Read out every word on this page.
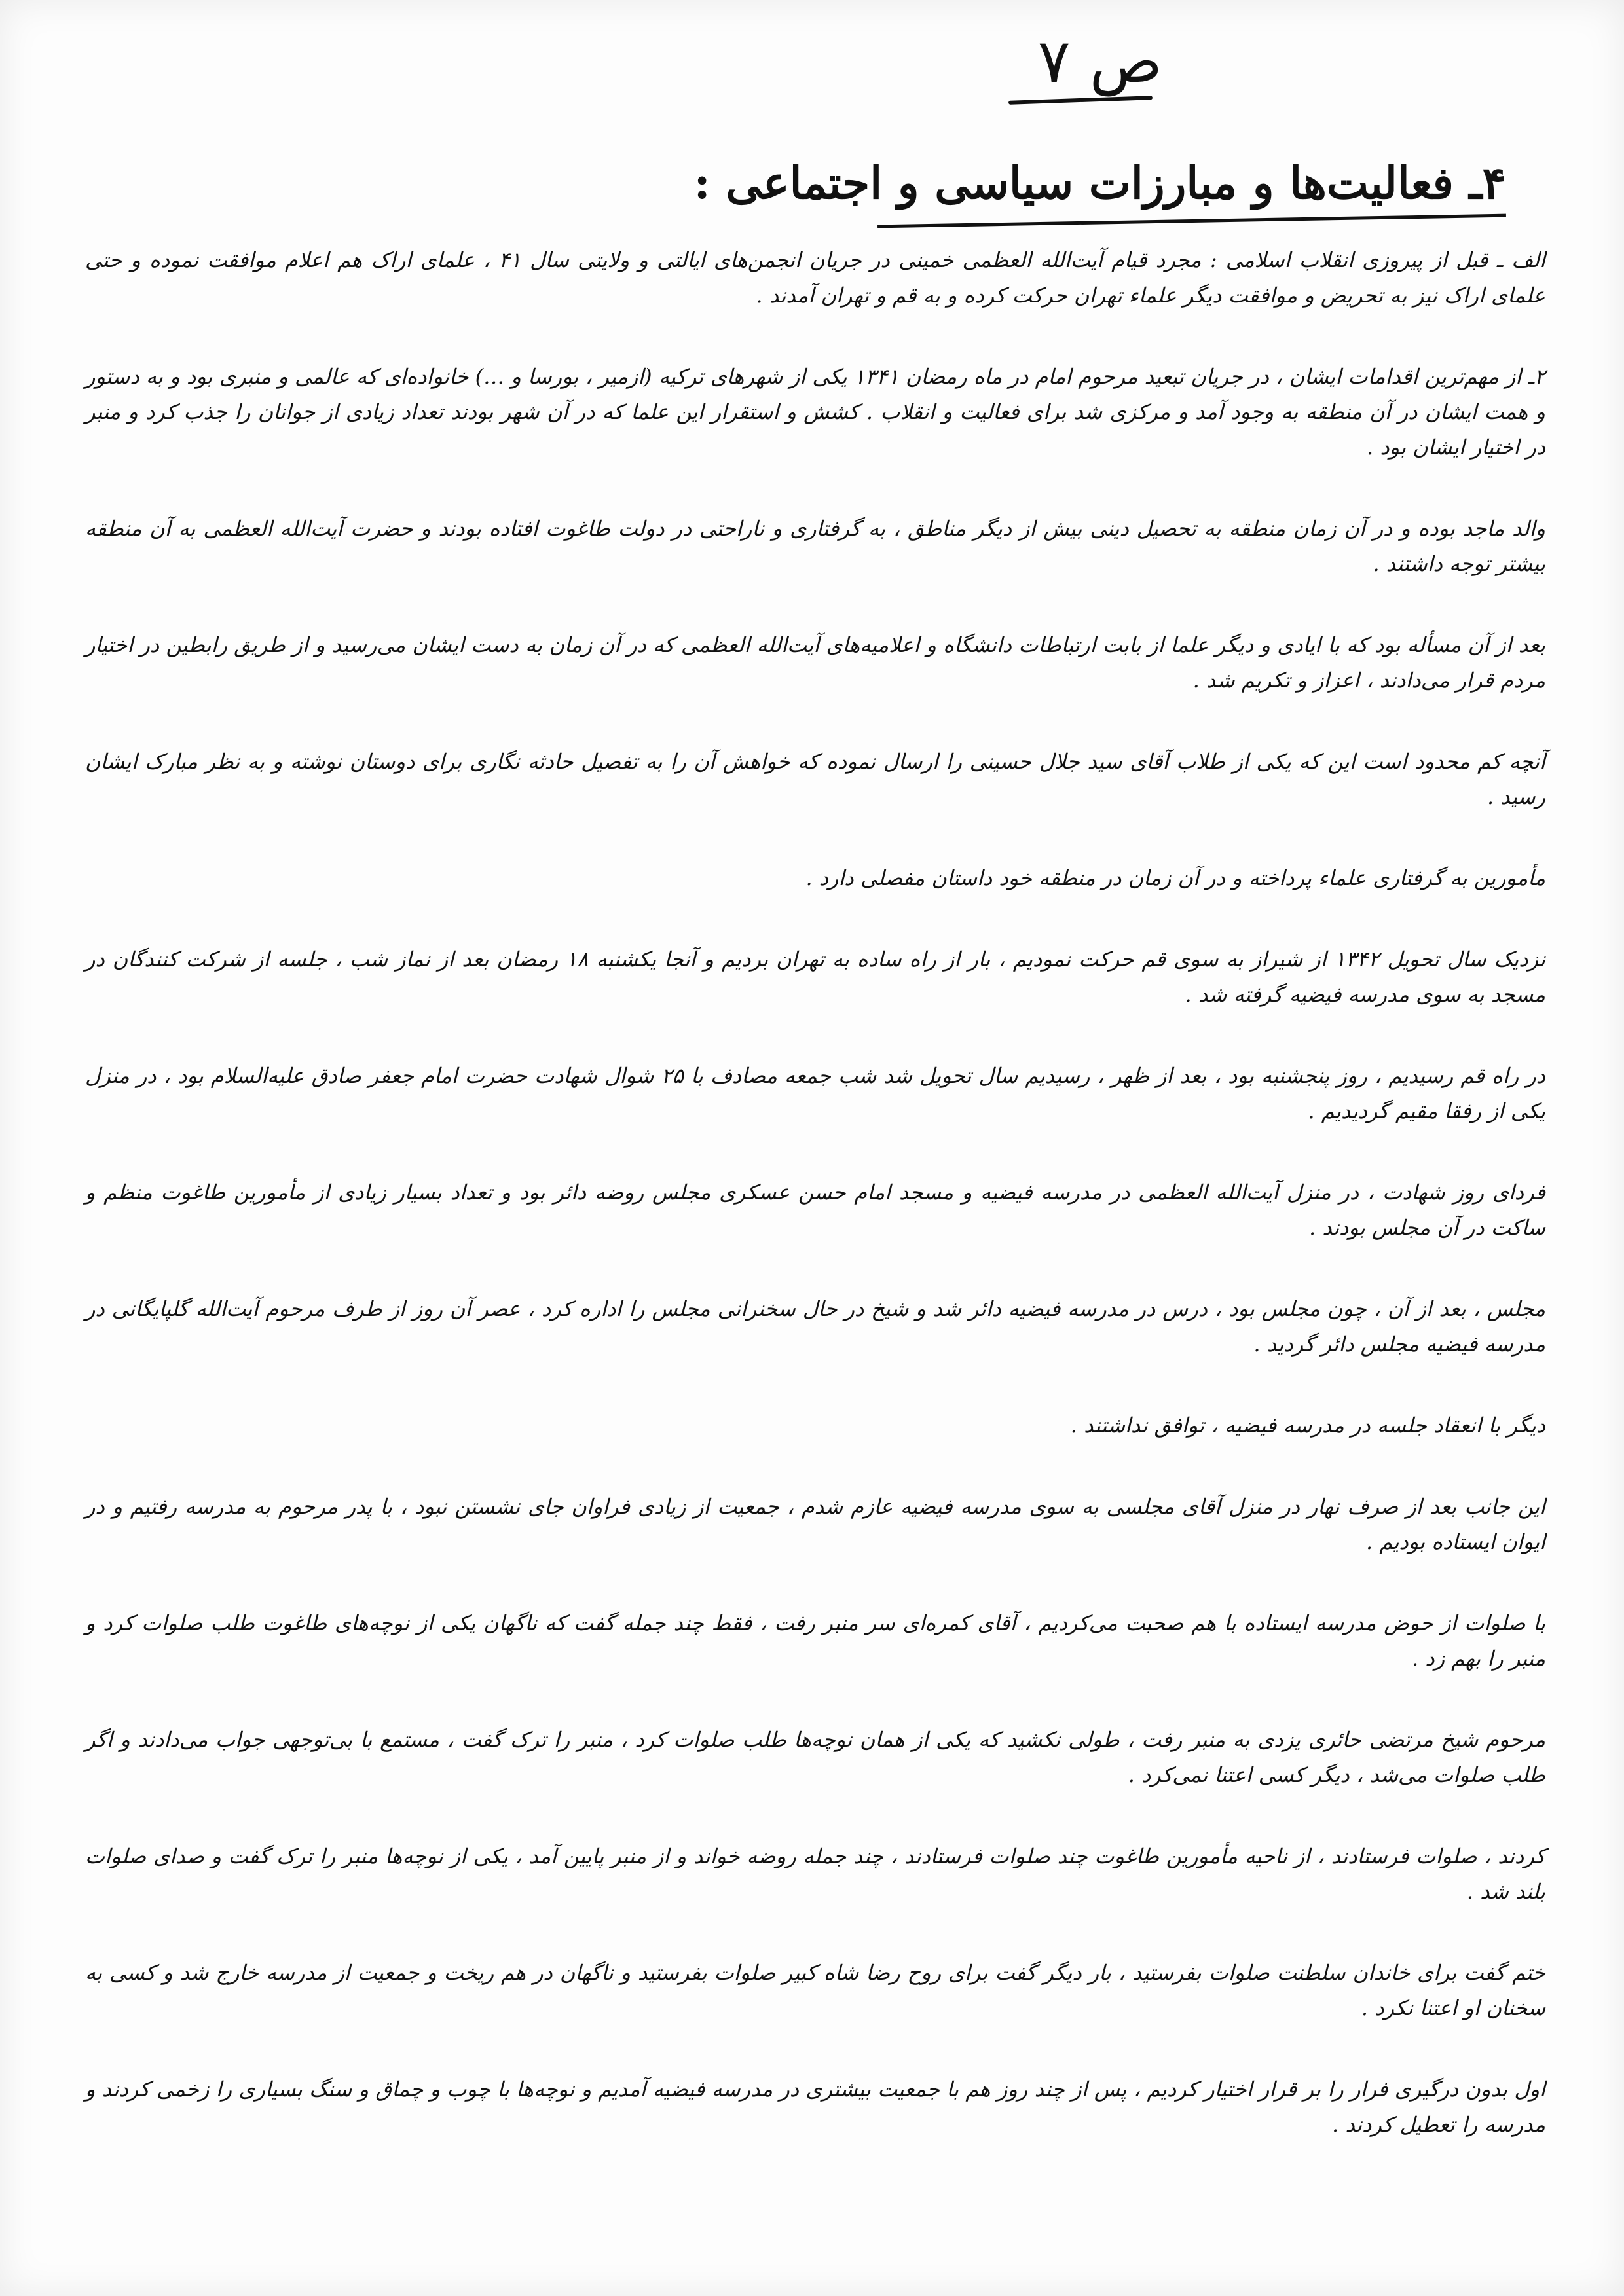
ص ۷
۴ـ فعالیت‌ها و مبارزات سیاسی و اجتماعی :

الف ـ قبل از پیروزی انقلاب اسلامی : مجرد قیام آیت‌الله العظمی خمینی در جریان انجمن‌های ایالتی و ولایتی سال ۴۱ ، علمای اراک هم اعلام موافقت نموده و حتی علمای اراک نیز به تحریض و موافقت دیگر علماء تهران حرکت کرده و به قم و تهران آمدند .

۲ـ از مهم‌ترین اقدامات ایشان ، در جریان تبعید مرحوم امام در ماه رمضان ۱۳۴۱ یکی از شهرهای ترکیه (ازمیر ، بورسا و …) خانواده‌ای که عالمی و منبری بود و به دستور و همت ایشان در آن منطقه به وجود آمد و مرکزی شد برای فعالیت و انقلاب . کشش و استقرار این علما که در آن شهر بودند تعداد زیادی از جوانان را جذب کرد و منبر در اختیار ایشان بود .

والد ماجد بوده و در آن زمان منطقه به تحصیل دینی بیش از دیگر مناطق ، به گرفتاری و ناراحتی در دولت طاغوت افتاده بودند و حضرت آیت‌الله العظمی به آن منطقه بیشتر توجه داشتند .

بعد از آن مسأله بود که با ایادی و دیگر علما از بابت ارتباطات دانشگاه و اعلامیه‌های آیت‌الله العظمی که در آن زمان به دست ایشان می‌رسید و از طریق رابطین در اختیار مردم قرار می‌دادند ، اعزاز و تکریم شد .

آنچه کم محدود است این که یکی از طلاب آقای سید جلال حسینی را ارسال نموده که خواهش آن را به تفصیل حادثه نگاری برای دوستان نوشته و به نظر مبارک ایشان رسید .

مأمورین به گرفتاری علماء پرداخته و در آن زمان در منطقه خود داستان مفصلی دارد .

نزدیک سال تحویل ۱۳۴۲ از شیراز به سوی قم حرکت نمودیم ، بار از راه ساده به تهران بردیم و آنجا یکشنبه ۱۸ رمضان بعد از نماز شب ، جلسه از شرکت کنندگان در مسجد به سوی مدرسه فیضیه گرفته شد .

در راه قم رسیدیم ، روز پنجشنبه بود ، بعد از ظهر ، رسیدیم سال تحویل شد شب جمعه مصادف با ۲۵ شوال شهادت حضرت امام جعفر صادق علیه‌السلام بود ، در منزل یکی از رفقا مقیم گردیدیم .

فردای روز شهادت ، در منزل آیت‌الله العظمی در مدرسه فیضیه و مسجد امام حسن عسکری مجلس روضه دائر بود و تعداد بسیار زیادی از مأمورین طاغوت منظم و ساکت در آن مجلس بودند .

مجلس ، بعد از آن ، چون مجلس بود ، درس در مدرسه فیضیه دائر شد و شیخ در حال سخنرانی مجلس را اداره کرد ، عصر آن روز از طرف مرحوم آیت‌الله گلپایگانی در مدرسه فیضیه مجلس دائر گردید .

دیگر با انعقاد جلسه در مدرسه فیضیه ، توافق نداشتند .

این جانب بعد از صرف نهار در منزل آقای مجلسی به سوی مدرسه فیضیه عازم شدم ، جمعیت از زیادی فراوان جای نشستن نبود ، با پدر مرحوم به مدرسه رفتیم و در ایوان ایستاده بودیم .

با صلوات از حوض مدرسه ایستاده با هم صحبت می‌کردیم ، آقای کمره‌ای سر منبر رفت ، فقط چند جمله گفت که ناگهان یکی از نوچه‌های طاغوت طلب صلوات کرد و منبر را بهم زد .

مرحوم شیخ مرتضی حائری یزدی به منبر رفت ، طولی نکشید که یکی از همان نوچه‌ها طلب صلوات کرد ، منبر را ترک گفت ، مستمع با بی‌توجهی جواب می‌دادند و اگر طلب صلوات می‌شد ، دیگر کسی اعتنا نمی‌کرد .

کردند ، صلوات فرستادند ، از ناحیه مأمورین طاغوت چند صلوات فرستادند ، چند جمله روضه خواند و از منبر پایین آمد ، یکی از نوچه‌ها منبر را ترک گفت و صدای صلوات بلند شد .

ختم گفت برای خاندان سلطنت صلوات بفرستید ، بار دیگر گفت برای روح رضا شاه کبیر صلوات بفرستید و ناگهان در هم ریخت و جمعیت از مدرسه خارج شد و کسی به سخنان او اعتنا نکرد .

اول بدون درگیری فرار را بر قرار اختیار کردیم ، پس از چند روز هم با جمعیت بیشتری در مدرسه فیضیه آمدیم و نوچه‌ها با چوب و چماق و سنگ بسیاری را زخمی کردند و مدرسه را تعطیل کردند .
